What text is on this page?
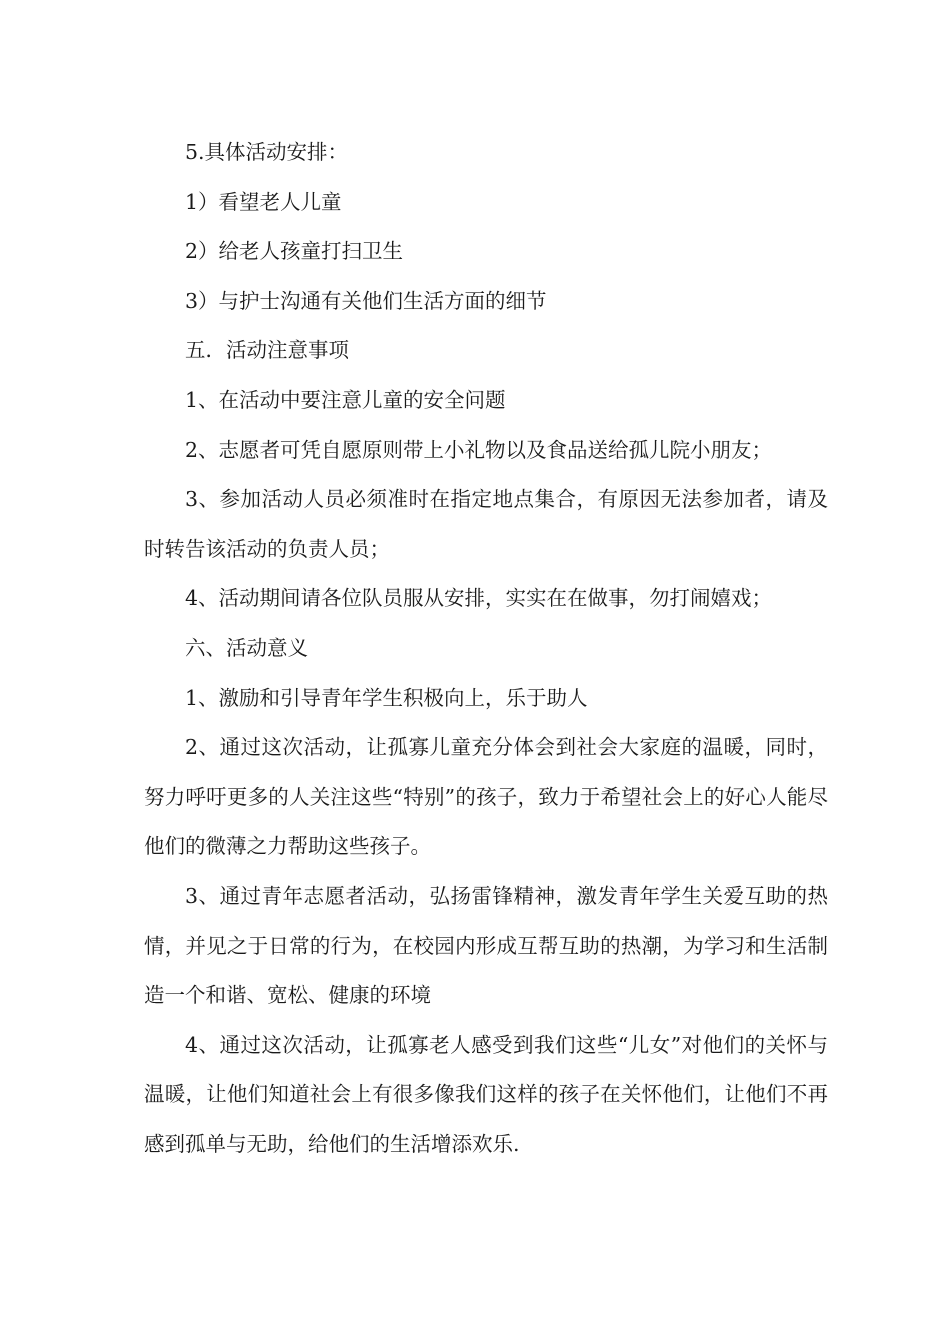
5.具体活动安排：

1）看望老人儿童

2）给老人孩童打扫卫生

3）与护士沟通有关他们生活方面的细节

五．活动注意事项

1、在活动中要注意儿童的安全问题

2、志愿者可凭自愿原则带上小礼物以及食品送给孤儿院小朋友；

3、参加活动人员必须准时在指定地点集合，有原因无法参加者，请及时转告该活动的负责人员；

4、活动期间请各位队员服从安排，实实在在做事，勿打闹嬉戏；

六、活动意义

1、激励和引导青年学生积极向上，乐于助人

2、通过这次活动，让孤寡儿童充分体会到社会大家庭的温暖，同时，努力呼吁更多的人关注这些“特别”的孩子，致力于希望社会上的好心人能尽他们的微薄之力帮助这些孩子。

3、通过青年志愿者活动，弘扬雷锋精神，激发青年学生关爱互助的热情，并见之于日常的行为，在校园内形成互帮互助的热潮，为学习和生活制造一个和谐、宽松、健康的环境

4、通过这次活动，让孤寡老人感受到我们这些“儿女”对他们的关怀与温暖，让他们知道社会上有很多像我们这样的孩子在关怀他们，让他们不再感到孤单与无助，给他们的生活增添欢乐.
